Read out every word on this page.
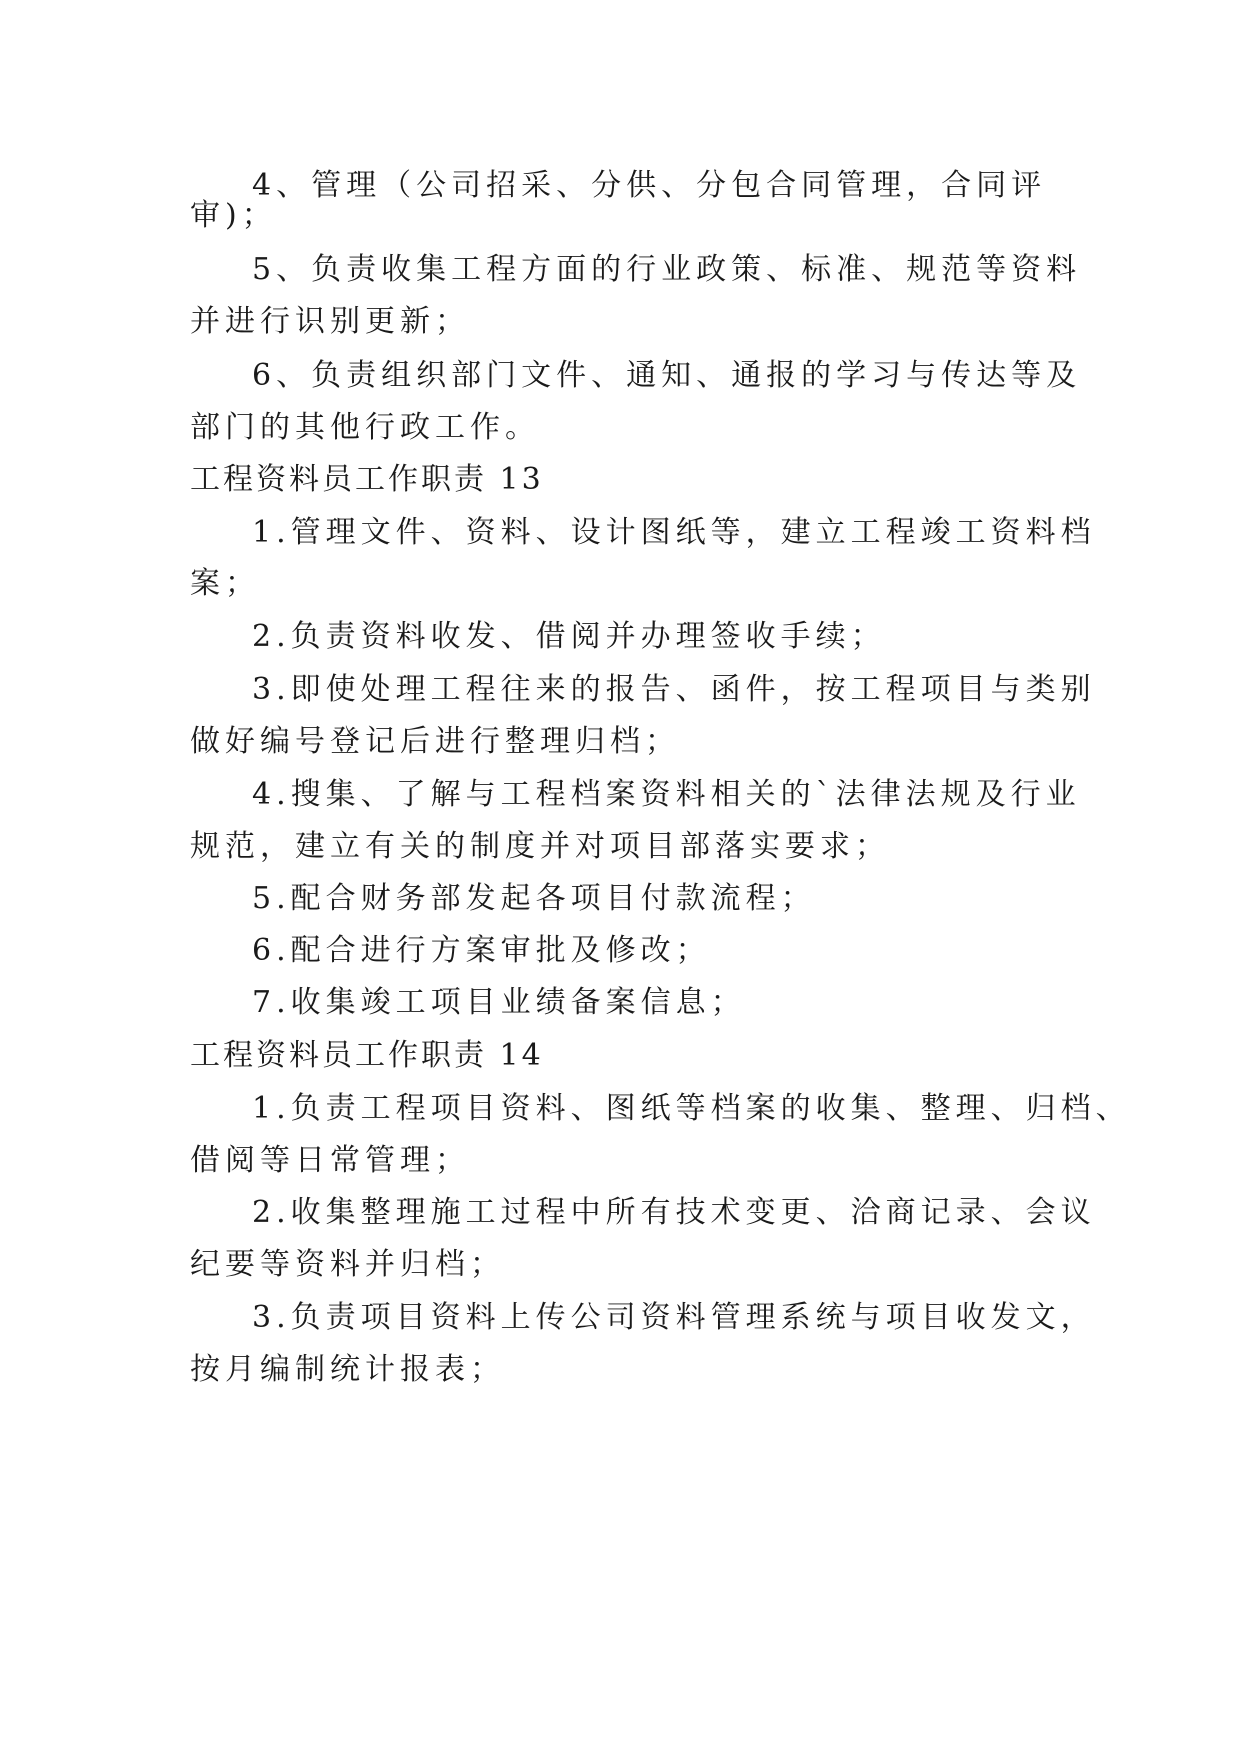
4、管理（公司招采、分供、分包合同管理，合同评
审)；
5、负责收集工程方面的行业政策、标准、规范等资料
并进行识别更新；
6、负责组织部门文件、通知、通报的学习与传达等及
部门的其他行政工作。
工程资料员工作职责 13
1.管理文件、资料、设计图纸等，建立工程竣工资料档
案；
2.负责资料收发、借阅并办理签收手续；
3.即使处理工程往来的报告、函件，按工程项目与类别
做好编号登记后进行整理归档；
4.搜集、了解与工程档案资料相关的`法律法规及行业
规范，建立有关的制度并对项目部落实要求；
5.配合财务部发起各项目付款流程；
6.配合进行方案审批及修改；
7.收集竣工项目业绩备案信息；
工程资料员工作职责 14
1.负责工程项目资料、图纸等档案的收集、整理、归档、
借阅等日常管理；
2.收集整理施工过程中所有技术变更、洽商记录、会议
纪要等资料并归档；
3.负责项目资料上传公司资料管理系统与项目收发文，
按月编制统计报表；
